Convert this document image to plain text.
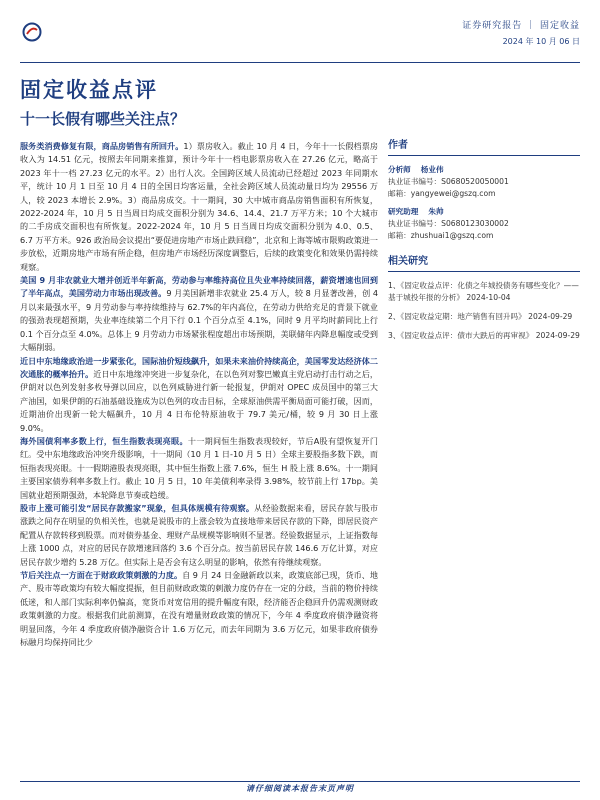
证券研究报告 ｜ 固定收益
2024 年 10 月 06 日
固定收益点评
十一长假有哪些关注点？

服务类消费修复有限，商品房销售有所回升。1）票房收入。截止 10 月 4 日，今年十一长假档票房收入为 14.51 亿元，按照去年同期来推算，预计今年十一档电影票房收入在 27.26 亿元，略高于 2023 年十一档 27.23 亿元的水平。2）出行人次。全国跨区域人员流动已经超过 2023 年同期水平，统计 10 月 1 日至 10 月 4 日的全国日均客运量，全社会跨区域人员流动量日均为 29556 万人，较 2023 本增长 2.9%。3）商品房成交。十一期间，30 大中城市商品房销售面积有所恢复，2022-2024 年，10 月 5 日当周日均成交面积分别为 34.6、14.4、21.7 万平方米；10 个大城市的二手房成交面积也有所恢复。2022-2024 年，10 月 5 日当周日均成交面积分别为 4.0、0.5、6.7 万平方米。926 政治局会议提出“要促进房地产市场止跌回稳”，北京和上海等城市限购政策进一步放松，近期房地产市场有所企稳，但房地产市场经历深度调整后，后续的政策变化和效果仍需持续观察。

美国 9 月非农就业大增并创近半年新高，劳动参与率维持高位且失业率持续回落，薪资增速也回到了半年高点，美国劳动力市场出现改善。9 月美国新增非农就业 25.4 万人，较 8 月显著改善，创 4 月以来最强水平，9 月劳动参与率持续维持与 62.7%的年内高位，在劳动力供给充足的背景下就业的强劲表现超预期，失业率连续第二个月下行 0.1 个百分点至 4.1%，同时 9 月平均时薪同比上行 0.1 个百分点至 4.0%。总体上 9 月劳动力市场紧张程度超出市场预期，美联储年内降息幅度或受到大幅削弱。

近日中东地缘政治进一步紧张化，国际油价短线飙升，如果未来油价持续高企，美国零发达经济体二次通胀的概率抬升。近日中东地缘冲突进一步复杂化，在以色列对黎巴嫩真主党启动打击行动之后，伊朗对以色列发射多枚导弹以回应，以色列威胁进行新一轮报复，伊朗对 OPEC 成员国中的第三大产油国，如果伊朗的石油基础设施成为以色列的攻击目标，全球原油供需平衡局面可能打破，因而，近期油价出现新一轮大幅飙升，10 月 4 日布伦特原油收于 79.7 美元/桶，较 9 月 30 日上涨 9.0%。

海外国债利率多数上行，恒生指数表现亮眼。十一期间恒生指数表现较好，节后A股有望恢复开门红。受中东地缘政治冲突升级影响，十一期间（10 月 1 日-10 月 5 日）全球主要股指多数下跌，而恒指表现亮眼。十一假期港股表现亮眼，其中恒生指数上涨 7.6%，恒生 H 股上涨 8.6%。十一期间主要国家债券利率多数上行。截止 10 月 5 日，10 年美债利率录得 3.98%，较节前上行 17bp。美国就业超预期强劲，本轮降息节奏或趋缓。

股市上涨可能引发“居民存款搬家”现象，但具体规模有待观察。从经验数据来看，居民存款与股市涨跌之间存在明显的负相关性，也就是说股市的上涨会较为直接地带来居民存款的下降，即居民资产配置从存款转移到股票。而对债券基金、理财产品规模等影响则不显著。经验数据显示，上证指数每上涨 1000 点，对应的居民存款增速回落约 3.6 个百分点。按当前居民存款 146.6 万亿计算，对应居民存款少增约 5.28 万亿。但实际上是否会有这么明显的影响，依然有待继续观察。

节后关注点一方面在于财政政策刺激的力度。自 9 月 24 日金融新政以来，政策底部已现，货币、地产、股市等政策均有较大幅度提振，但目前财政政策的刺激力度仍存在一定的分歧，当前的物价持续低迷，和人部门实际利率仍偏高，宽货币对宽信用的提升幅度有限，经济能否企稳回升仍需观测财政政策刺激的力度。根据我们此前测算，在没有增量财政政策的情况下，今年 4 季度政府债净融资将明显回落，今年 4 季度政府债净融资合计 1.6 万亿元，而去年同期为 3.6 万亿元，如果非政府债券标融月均保持同比少

作者
分析师 杨业伟
执业证书编号：S0680520050001
邮箱：yangyewei@gszq.com
研究助理 朱帅
执业证书编号：S0680123030002
邮箱：zhushuai1@gszq.com
相关研究
1、《固定收益点评：化债之年城投债务有哪些变化？——基于城投年报的分析》 2024-10-04
2、《固定收益定期：地产销售有回升吗》 2024-09-29
3、《固定收益点评：债市大跌后的再审视》 2024-09-29
请仔细阅读本报告末页声明
